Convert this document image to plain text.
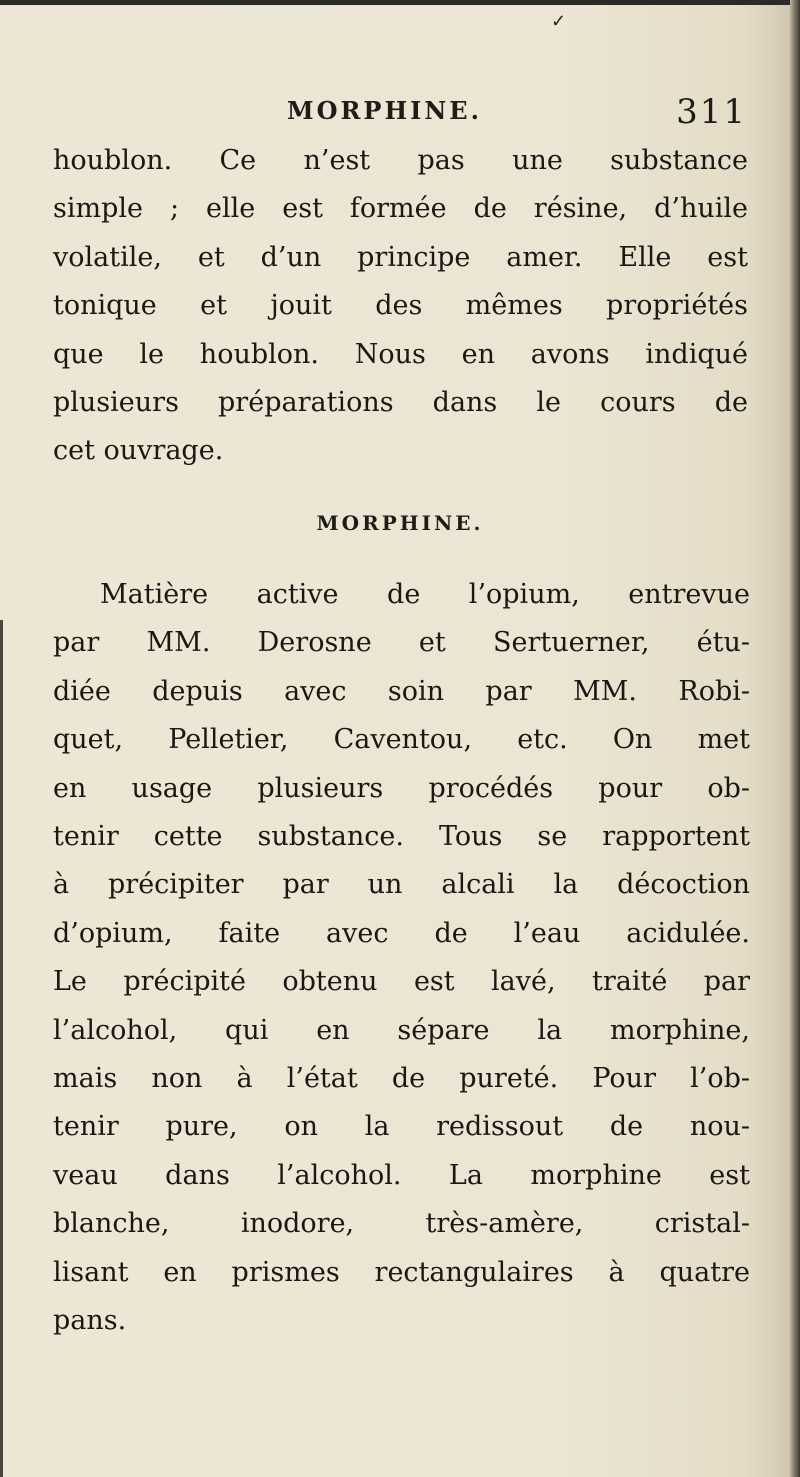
✓
MORPHINE.	311

houblon. Ce n’est pas une substance
simple ; elle est formée de résine, d’huile
volatile, et d’un principe amer. Elle est
tonique et jouit des mêmes propriétés
que le houblon. Nous en avons indiqué
plusieurs préparations dans le cours de
cet ouvrage.

MORPHINE.

Matière active de l’opium, entrevue
par MM. Derosne et Sertuerner, étu-
diée depuis avec soin par MM. Robi-
quet, Pelletier, Caventou, etc. On met
en usage plusieurs procédés pour ob-
tenir cette substance. Tous se rapportent
à précipiter par un alcali la décoction
d’opium, faite avec de l’eau acidulée.
Le précipité obtenu est lavé, traité par
l’alcohol, qui en sépare la morphine,
mais non à l’état de pureté. Pour l’ob-
tenir pure, on la redissout de nou-
veau dans l’alcohol. La morphine est
blanche, inodore, très-amère, cristal-
lisant en prismes rectangulaires à quatre
pans.
